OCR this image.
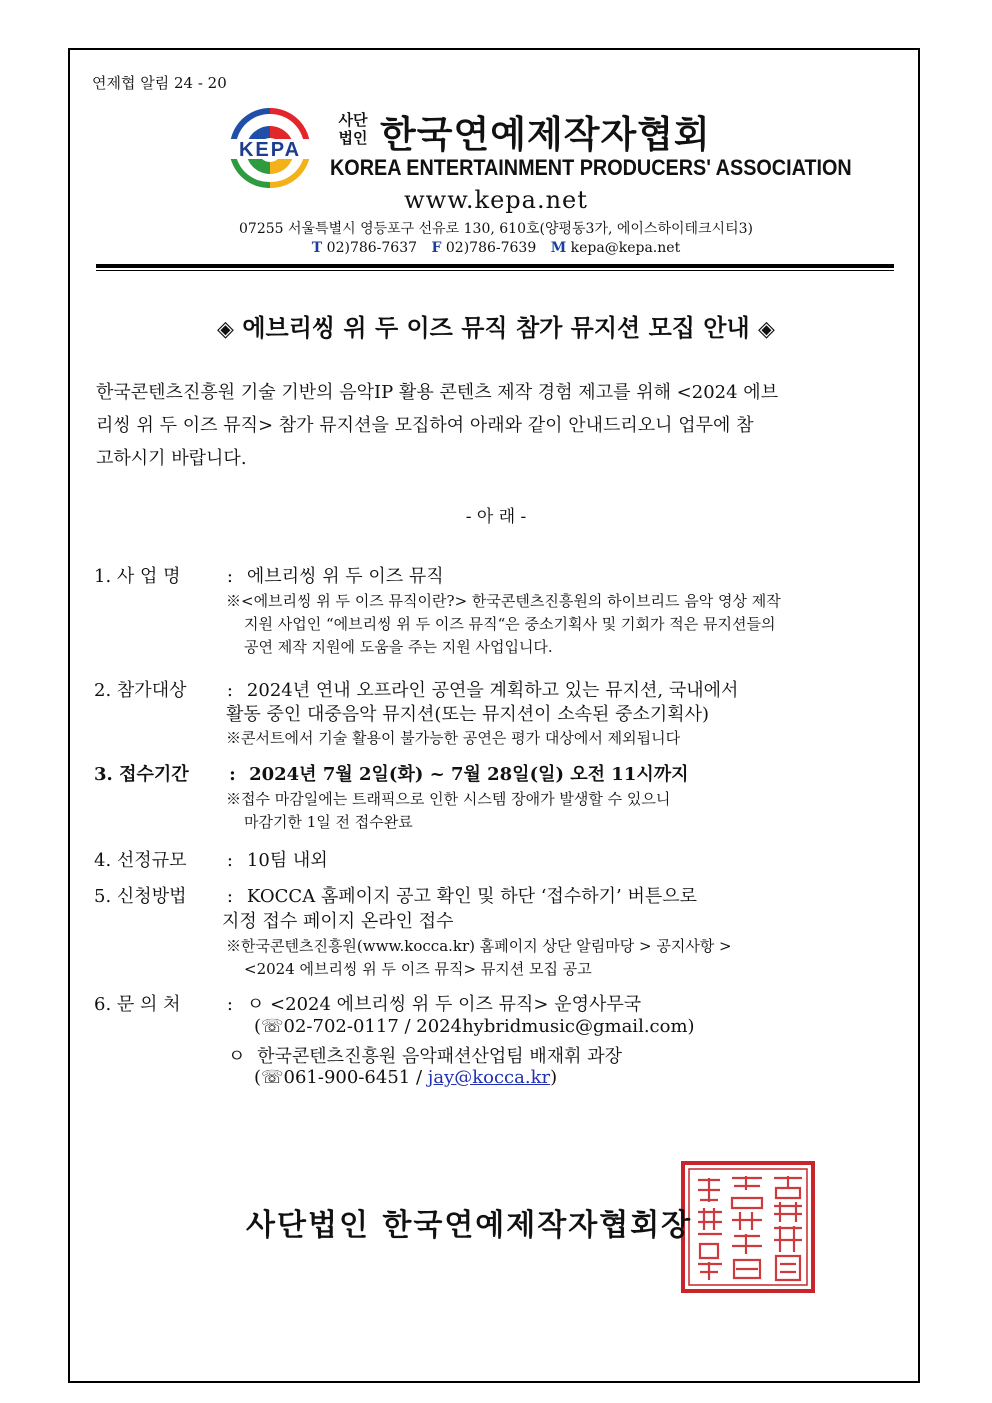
연제협 알림 24 - 20
KEPA
사단
법인 한국연예제작자협회
KOREA ENTERTAINMENT PRODUCERS' ASSOCIATION
www.kepa.net
07255 서울특별시 영등포구 선유로 130, 610호(양평동3가, 에이스하이테크시티3)
T 02)786-7637 F 02)786-7639 M kepa@kepa.net
◈ 에브리씽 위 두 이즈 뮤직 참가 뮤지션 모집 안내 ◈
한국콘텐츠진흥원 기술 기반의 음악IP 활용 콘텐츠 제작 경험 제고를 위해 <2024 에브
리씽 위 두 이즈 뮤직> 참가 뮤지션을 모집하여 아래와 같이 안내드리오니 업무에 참
고하시기 바랍니다.
- 아 래 -
1. 사 업 명	: 에브리씽 위 두 이즈 뮤직
※<에브리씽 위 두 이즈 뮤직이란?> 한국콘텐츠진흥원의 하이브리드 음악 영상 제작
지원 사업인 “에브리씽 위 두 이즈 뮤직“은 중소기획사 및 기회가 적은 뮤지션들의
공연 제작 지원에 도움을 주는 지원 사업입니다.
2. 참가대상 : 2024년 연내 오프라인 공연을 계획하고 있는 뮤지션, 국내에서
활동 중인 대중음악 뮤지션(또는 뮤지션이 소속된 중소기획사)
※콘서트에서 기술 활용이 불가능한 공연은 평가 대상에서 제외됩니다
3. 접수기간 : 2024년 7월 2일(화) ~ 7월 28일(일) 오전 11시까지
※접수 마감일에는 트래픽으로 인한 시스템 장애가 발생할 수 있으니
마감기한 1일 전 접수완료
4. 선정규모 : 10팀 내외
5. 신청방법 : KOCCA 홈페이지 공고 확인 및 하단 ‘접수하기’ 버튼으로
지정 접수 페이지 온라인 접수
※한국콘텐츠진흥원(www.kocca.kr) 홈페이지 상단 알림마당 > 공지사항 >
<2024 에브리씽 위 두 이즈 뮤직> 뮤지션 모집 공고
6. 문 의 처	: ㅇ <2024 에브리씽 위 두 이즈 뮤직> 운영사무국
(☏02-702-0117 / 2024hybridmusic@gmail.com)
ㅇ 한국콘텐츠진흥원 음악패션산업팀 배재휘 과장
(☏061-900-6451 / jay@kocca.kr)
사단법인 한국연예제작자협회장
